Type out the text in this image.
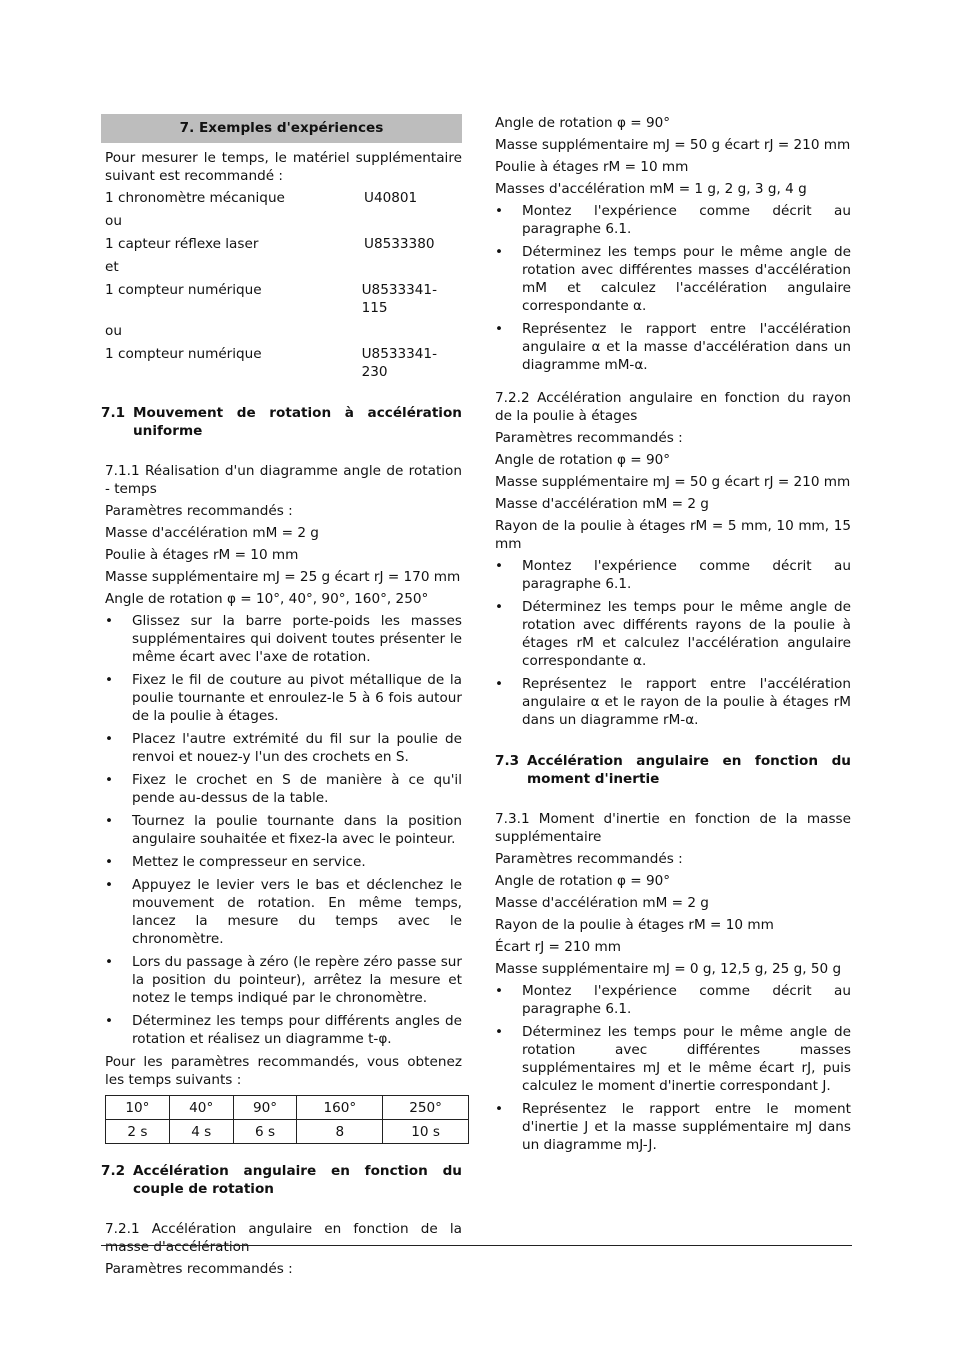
7. Exemples d'expériences

Pour mesurer le temps, le matériel supplémentaire suivant est recommandé :

1 chronomètre mécanique	U40801
ou
1 capteur réflexe laser	U8533380
et
1 compteur numérique	U8533341-115
ou
1 compteur numérique	U8533341-230
7.1 Mouvement de rotation à accélération uniforme

7.1.1 Réalisation d'un diagramme angle de rotation - temps

Paramètres recommandés :

Masse d'accélération mM = 2 g

Poulie à étages rM = 10 mm

Masse supplémentaire mJ = 25 g écart rJ = 170 mm

Angle de rotation φ = 10°, 40°, 90°, 160°, 250°

• Glissez sur la barre porte-poids les masses supplémentaires qui doivent toutes présenter le même écart avec l'axe de rotation.
• Fixez le fil de couture au pivot métallique de la poulie tournante et enroulez-le 5 à 6 fois autour de la poulie à étages.
• Placez l'autre extrémité du fil sur la poulie de renvoi et nouez-y l'un des crochets en S.
• Fixez le crochet en S de manière à ce qu'il pende au-dessus de la table.
• Tournez la poulie tournante dans la position angulaire souhaitée et fixez-la avec le pointeur.
• Mettez le compresseur en service.
• Appuyez le levier vers le bas et déclenchez le mouvement de rotation. En même temps, lancez la mesure du temps avec le chronomètre.
• Lors du passage à zéro (le repère zéro passe sur la position du pointeur), arrêtez la mesure et notez le temps indiqué par le chronomètre.
• Déterminez les temps pour différents angles de rotation et réalisez un diagramme t-φ.

Pour les paramètres recommandés, vous obtenez les temps suivants :

10°	40°	90°	160°	250°
2 s	4 s	6 s	8	10 s
7.2 Accélération angulaire en fonction du couple de rotation

7.2.1 Accélération angulaire en fonction de la masse d'accélération

Paramètres recommandés :

Angle de rotation φ = 90°

Masse supplémentaire mJ = 50 g écart rJ = 210 mm

Poulie à étages rM = 10 mm

Masses d'accélération mM = 1 g, 2 g, 3 g, 4 g

• Montez l'expérience comme décrit au paragraphe 6.1.
• Déterminez les temps pour le même angle de rotation avec différentes masses d'accélération mM et calculez l'accélération angulaire correspondante α.
• Représentez le rapport entre l'accélération angulaire α et la masse d'accélération dans un diagramme mM-α.

7.2.2 Accélération angulaire en fonction du rayon de la poulie à étages

Paramètres recommandés :

Angle de rotation φ = 90°

Masse supplémentaire mJ = 50 g écart rJ = 210 mm

Masse d'accélération mM = 2 g

Rayon de la poulie à étages rM = 5 mm, 10 mm, 15 mm

• Montez l'expérience comme décrit au paragraphe 6.1.
• Déterminez les temps pour le même angle de rotation avec différents rayons de la poulie à étages rM et calculez l'accélération angulaire correspondante α.
• Représentez le rapport entre l'accélération angulaire α et le rayon de la poulie à étages rM dans un diagramme rM-α.
7.3 Accélération angulaire en fonction du moment d'inertie

7.3.1 Moment d'inertie en fonction de la masse supplémentaire

Paramètres recommandés :

Angle de rotation φ = 90°

Masse d'accélération mM = 2 g

Rayon de la poulie à étages rM = 10 mm

Écart rJ = 210 mm

Masse supplémentaire mJ = 0 g, 12,5 g, 25 g, 50 g

• Montez l'expérience comme décrit au paragraphe 6.1.
• Déterminez les temps pour le même angle de rotation avec différentes masses supplémentaires mJ et le même écart rJ, puis calculez le moment d'inertie correspondant J.
• Représentez le rapport entre le moment d'inertie J et la masse supplémentaire mJ dans un diagramme mJ-J.
